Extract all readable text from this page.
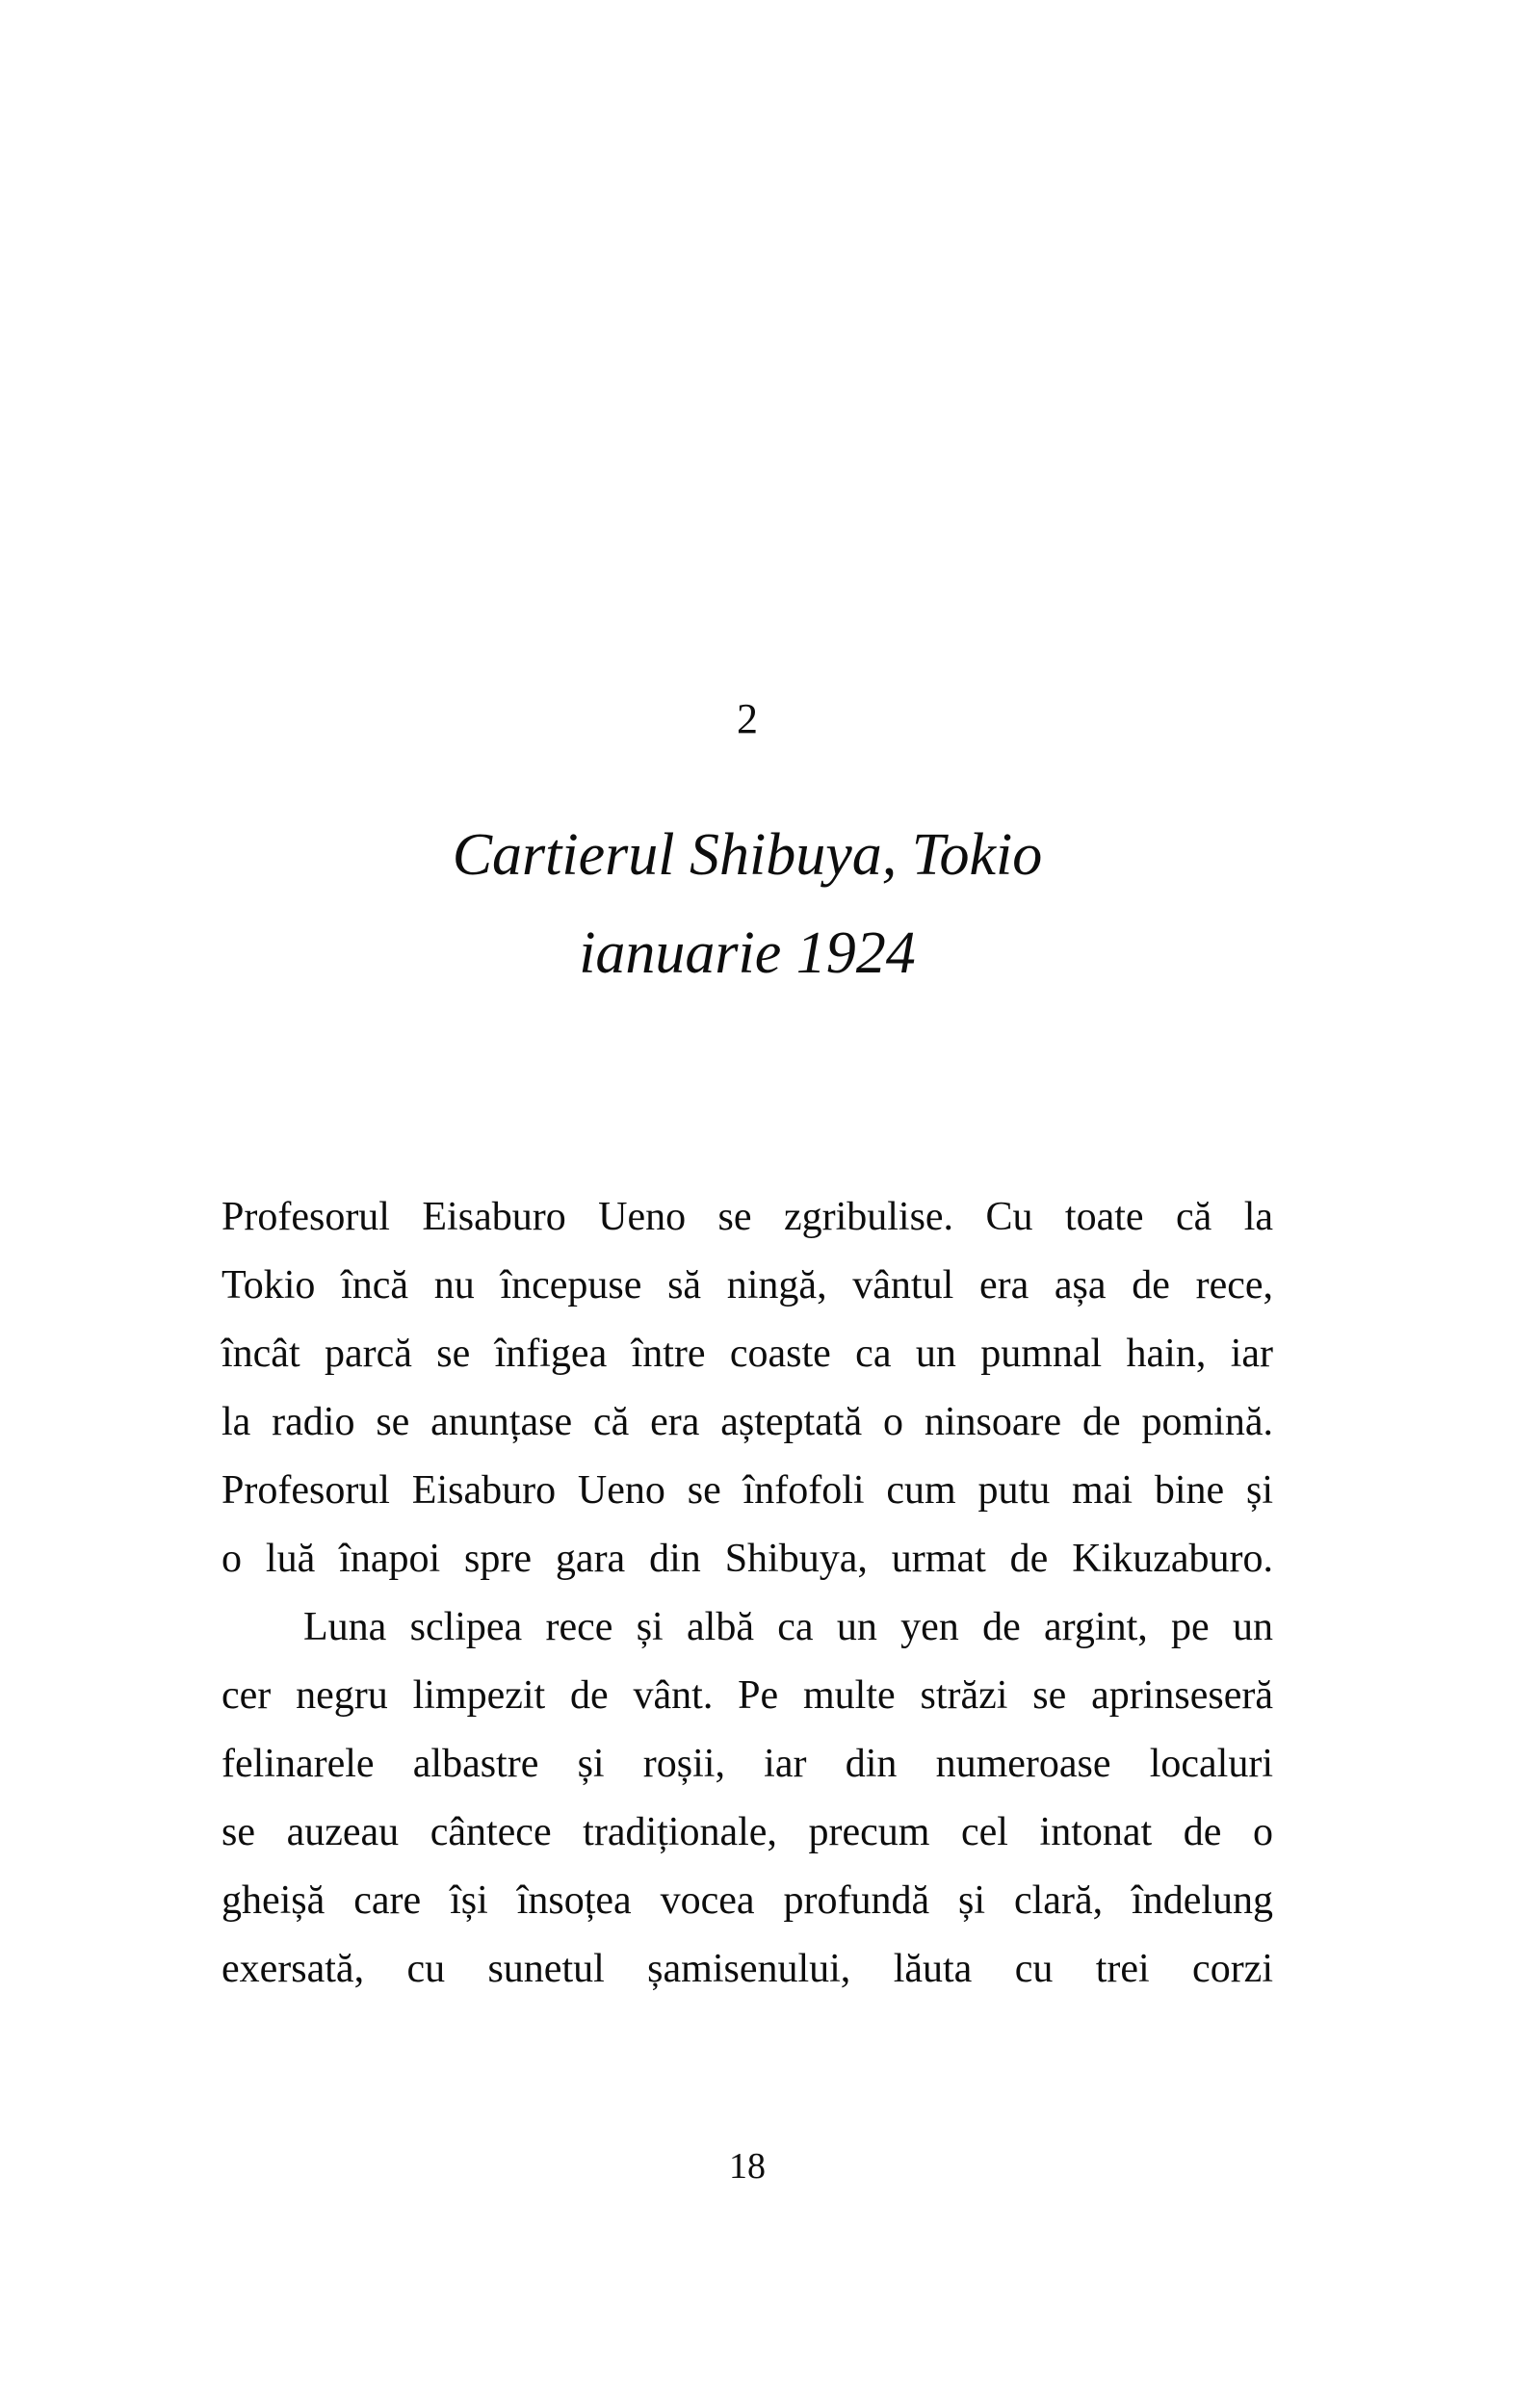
2
Cartierul Shibuya, Tokio
ianuarie 1924
Profesorul Eisaburo Ueno se zgribulise. Cu toate că la
Tokio încă nu începuse să ningă, vântul era așa de rece,
încât parcă se înfigea între coaste ca un pumnal hain, iar
la radio se anunțase că era așteptată o ninsoare de pomină.
Profesorul Eisaburo Ueno se înfofoli cum putu mai bine și
o luă înapoi spre gara din Shibuya, urmat de Kikuzaburo.
Luna sclipea rece și albă ca un yen de argint, pe un
cer negru limpezit de vânt. Pe multe străzi se aprinseseră
felinarele albastre și roșii, iar din numeroase localuri
se auzeau cântece tradiționale, precum cel intonat de o
gheișă care își însoțea vocea profundă și clară, îndelung
exersată, cu sunetul șamisenului, lăuta cu trei corzi
18
